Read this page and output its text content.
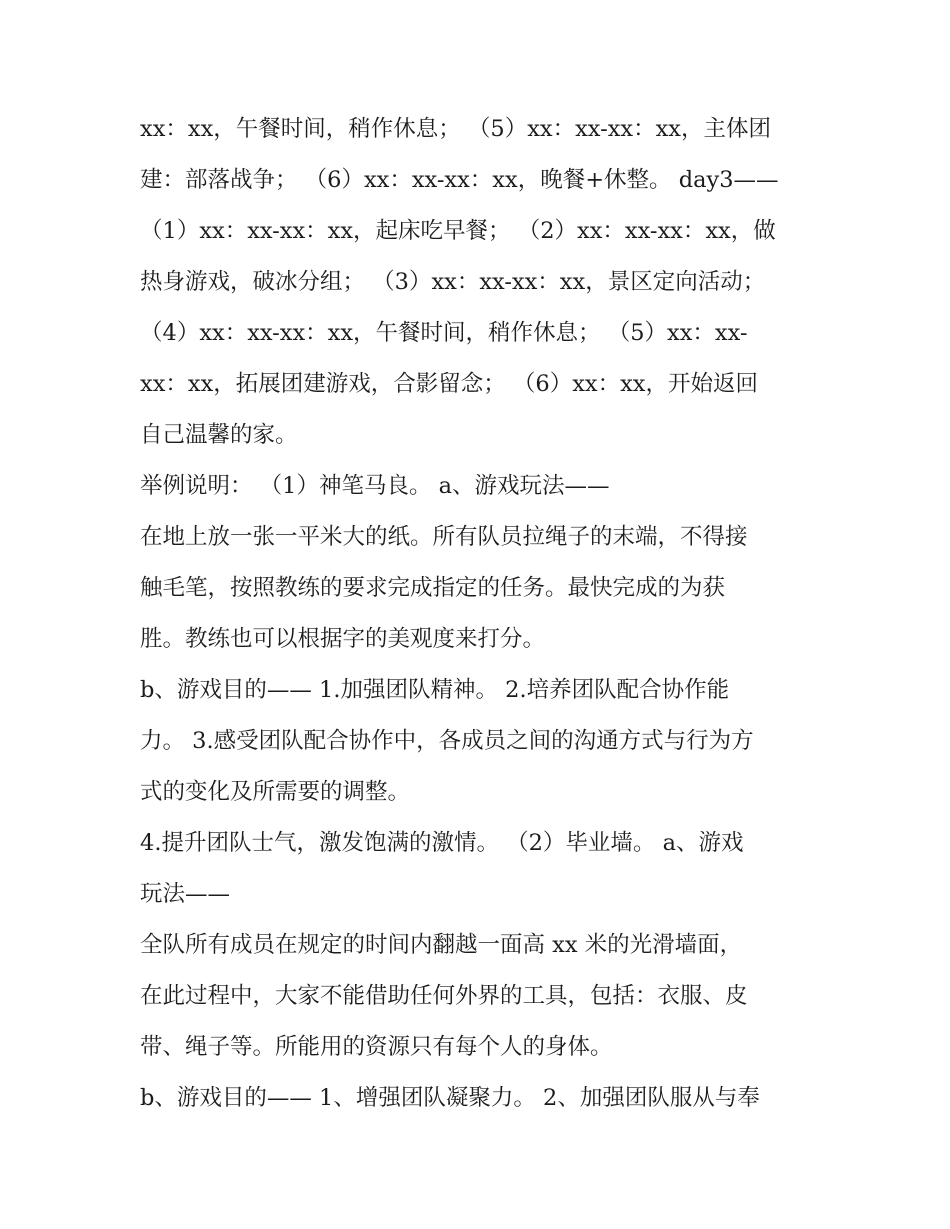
xx：xx，午餐时间，稍作休息； （5）xx：xx-xx：xx，主体团
建：部落战争； （6）xx：xx-xx：xx，晚餐+休整。 day3——
（1）xx：xx-xx：xx，起床吃早餐； （2）xx：xx-xx：xx，做
热身游戏，破冰分组； （3）xx：xx-xx：xx，景区定向活动；
（4）xx：xx-xx：xx，午餐时间，稍作休息； （5）xx：xx-
xx：xx，拓展团建游戏，合影留念； （6）xx：xx，开始返回
自己温馨的家。
举例说明： （1）神笔马良。 a、游戏玩法——
在地上放一张一平米大的纸。所有队员拉绳子的末端，不得接
触毛笔，按照教练的要求完成指定的任务。最快完成的为获
胜。教练也可以根据字的美观度来打分。
b、游戏目的—— 1.加强团队精神。 2.培养团队配合协作能
力。 3.感受团队配合协作中，各成员之间的沟通方式与行为方
式的变化及所需要的调整。
4.提升团队士气，激发饱满的激情。 （2）毕业墙。 a、游戏
玩法——
全队所有成员在规定的时间内翻越一面高 xx 米的光滑墙面，
在此过程中，大家不能借助任何外界的工具，包括：衣服、皮
带、绳子等。所能用的资源只有每个人的身体。
b、游戏目的—— 1、增强团队凝聚力。 2、加强团队服从与奉
